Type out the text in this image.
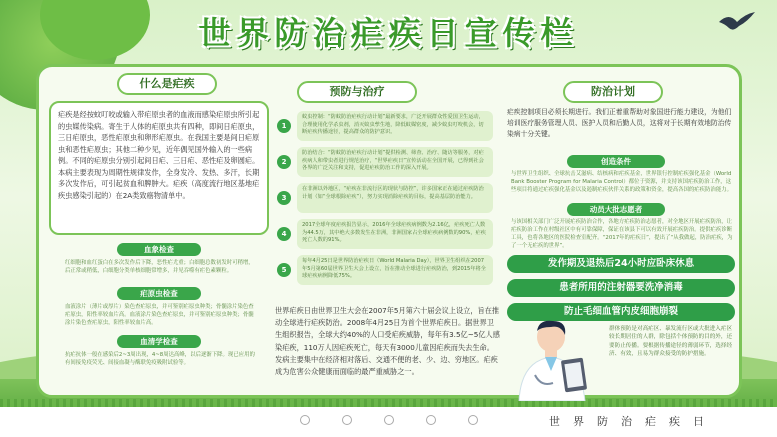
世界防治疟疾日宣传栏
什么是疟疾
疟疾是经按蚊叮咬或输入带疟原虫者的血液而感染疟原虫所引起的虫媒传染病。寄生于人体的疟原虫共有四种，即间日疟原虫，三日疟原虫，恶性疟原虫和卵形疟原虫。在我国主要是间日疟原虫和恶性疟原虫；其他二种少见，近年偶见国外输入的一些病例。不同的疟原虫分别引起间日疟、三日疟、恶性疟及卵圆疟。本病主要表现为周期性规律发作，全身发冷、发热、多汗，长期多次发作后，可引起贫血和脾肿大。疟疾（高度流行地区基地疟疾虫感染引起的）在2A类致癌物清单中。
血象检查
红细胞和血红蛋白在多次发作后下降，恶性疟尤重；白细胞总数初发时可稍增，后正常或稍低，白细胞分类单核细胞常增多，并见吞噬有疟色素颗粒。
疟原虫检查
血液涂片（薄片或厚片）染色查疟原虫，并可鉴别疟原虫种类；骨髓涂片染色查疟原虫，阳性率较血片高。血液涂片染色查疟原虫，并可鉴别疟原虫种类；骨髓涂片染色查疟原虫，阳性率较血片高。
血清学检查
抗疟抗体一般在感染后2~3周出现，4~8周达高峰，以后逐渐下降。现已应用的有间接免疫荧光、间接血凝与酶联免疫吸附试验等。
预防与治疗
1
蚊虫控制：“防蚊防治疟疾行动计划”最新要求，广泛开展群众性爱国卫生运动，合理使用化学杀虫剂，消灭蚊虫孳生地，降低蚊媒密度，减少蚊虫叮咬机会，切断疟疾传播途径，提高群众的防护意识。
2
防治结合：“防蚊防治疟疾行动计划”提供检测、筛查、治疗、随访等服务，对疟疾病人和带虫者进行规范治疗，“世界疟疾日”宣传活动在全国开展，已得到社会各界的广泛关注和支持，促进疟疾防治工作的深入开展。
3
在非洲以外地区，“疟疾在非流行区的现状与防控”，许多国家正在通过疟疾防治计划（如“全球根除疟疾”），努力实现消除疟疾的目标，提高基层防治能力。
4
2017全球年度疟疾报告显示，2016年全球疟疾病例数为2.16亿，疟疾死亡人数为44.5万，其中绝大多数发生在非洲，非洲国家占全球疟疾病例数的90%，疟疾死亡人数的91%。
5
每年4月25日是世界防治疟疾日（World Malaria Day），世界卫生组织在2007年5月第60届世界卫生大会上设立，旨在推动全球进行疟疾防治，到2015年将全球疟疾病例降低75%。
世界疟疾日由世界卫生大会在2007年5月第六十届会议上设立，旨在推动全球进行疟疾防治。2008年4月25日为首个世界疟疾日。据世界卫生组织报告，全球大约40%的人口受疟疾威胁，每年有3.5亿~5亿人感染疟疾，110万人因疟疾死亡，每天有3000儿童因疟疾而失去生命。发病主要集中在经济相对落后、交通不便的老、少、边、穷地区。疟疾成为危害公众健康而面临的最严重威胁之一。
防治计划
疟疾控制项目必须长期进行。我们正着重帮助对象国进行能力建设，为他们培训医疗服务管理人员、医护人员和后勤人员，这将对于长期有效地防治传染病十分关键。
创造条件
与世界卫生组织、全球抗击艾滋病、结核病和疟疾基金，世界银行控制疟疾强化基金（World Bank Booster Program for Malaria Control）都位于资源，并支持该国疟疾防治工作，这些项目将通过疟疾强化基金以及遏制疟疾伙伴关系的政策和资金，提高各国的疟疾防治能力。
动员大批志愿者
与该国相关部门广泛开展疟疾防治合作，各地方疟疾防治志愿者，对全地区开展疟疾防治，让疟疾防治工作在村级社区中有可靠保障，保证在该县下可以有效开展疟疾防治。提供疟疾诊断工具，也将各地区的医院检查室配齐。“2017年的疟疾日”，提出了“从我做起，防治疟疾，为了一个无疟疾的世界”。
发作期及退热后24小时应卧床休息
患者所用的注射器要洗净消毒
防止毛细血管内皮细胞崩裂
群体预防是对高疟区、暴发流行区或大批进入疟区较长期居住的人群，除包括个体预防的目的外，还要防止传播。要根据传播途径的薄弱环节，选择经济、有效，且易为群众接受的防护措施。
世界防治疟疾日
